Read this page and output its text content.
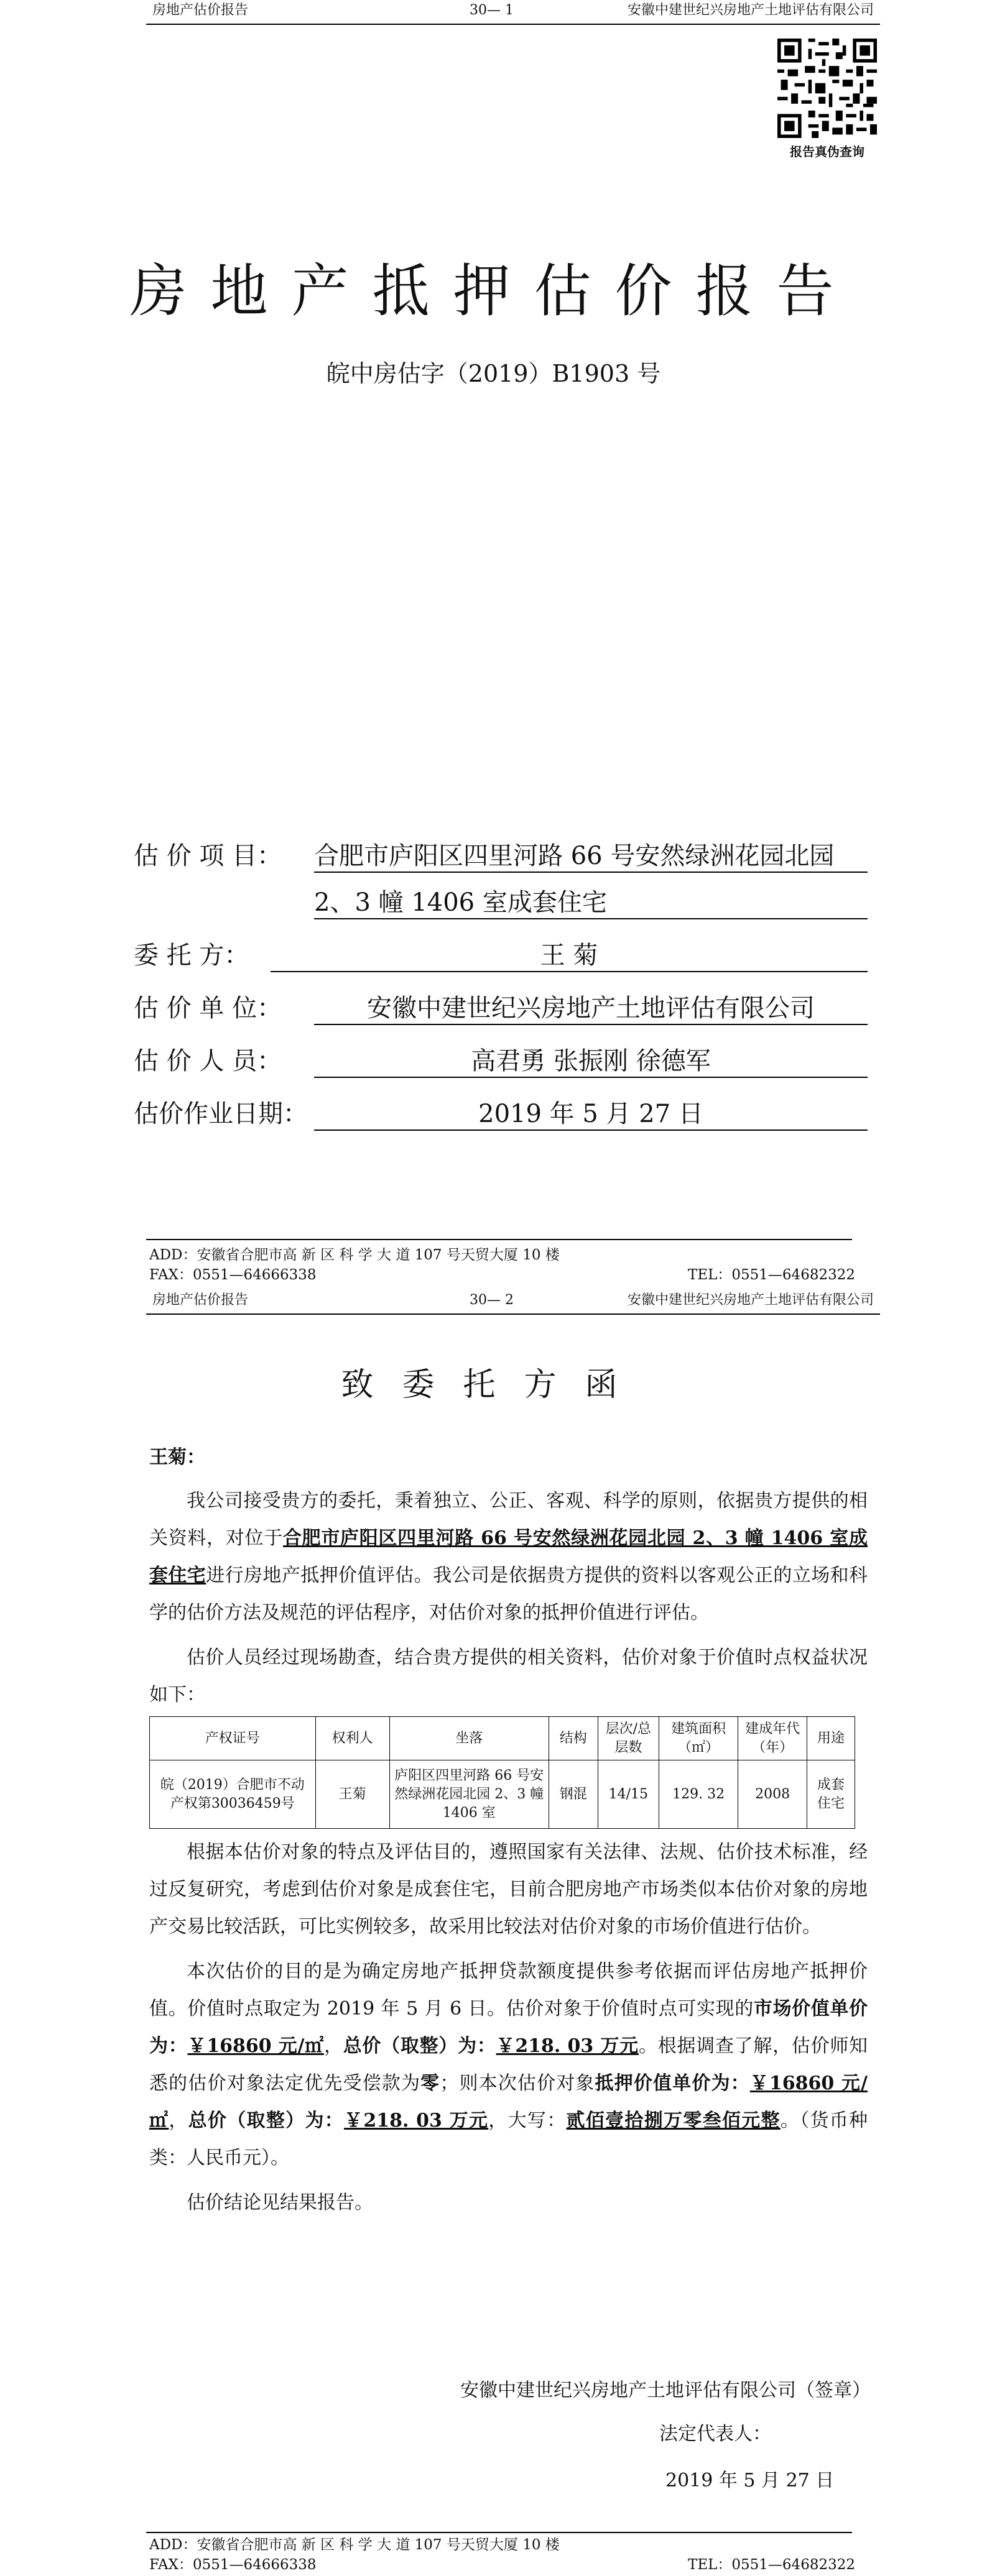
房地产估价报告	30— 1	安徽中建世纪兴房地产土地评估有限公司
报告真伪查询
房地产抵押估价报告
皖中房估字（2019）B1903 号
估 价 项 目： 合肥市庐阳区四里河路 66 号安然绿洲花园北园
2、3 幢 1406 室成套住宅
委 托 方：	王 菊
估 价 单 位：	安徽中建世纪兴房地产土地评估有限公司
估 价 人 员：	高君勇 张振刚 徐德军
估价作业日期：	2019 年 5 月 27 日
ADD：安徽省合肥市高 新 区 科 学 大 道 107 号天贸大厦 10 楼
FAX：0551—64666338	TEL：0551—64682322
房地产估价报告	30— 2	安徽中建世纪兴房地产土地评估有限公司
致委托方函
王菊：

我公司接受贵方的委托，秉着独立、公正、客观、科学的原则，依据贵方提供的相关资料，对位于合肥市庐阳区四里河路 66 号安然绿洲花园北园 2、3 幢 1406 室成套住宅进行房地产抵押价值评估。我公司是依据贵方提供的资料以客观公正的立场和科学的估价方法及规范的评估程序，对估价对象的抵押价值进行评估。

估价人员经过现场勘查，结合贵方提供的相关资料，估价对象于价值时点权益状况如下：

产权证号	权利人	坐落	结构	层次/总层数	建筑面积（㎡）	建成年代（年）	用途
皖（2019）合肥市不动产权第30036459号	王菊	庐阳区四里河路 66 号安然绿洲花园北园 2、3 幢 1406 室	钢混	14/15	129. 32	2008	成套住宅

根据本估价对象的特点及评估目的，遵照国家有关法律、法规、估价技术标准，经过反复研究，考虑到估价对象是成套住宅，目前合肥房地产市场类似本估价对象的房地产交易比较活跃，可比实例较多，故采用比较法对估价对象的市场价值进行估价。

本次估价的目的是为确定房地产抵押贷款额度提供参考依据而评估房地产抵押价值。价值时点取定为 2019 年 5 月 6 日。估价对象于价值时点可实现的市场价值单价为：￥16860 元/㎡，总价（取整）为：￥218. 03 万元。根据调查了解，估价师知悉的估价对象法定优先受偿款为零；则本次估价对象抵押价值单价为：￥16860 元/㎡，总价（取整）为：￥218. 03 万元，大写：贰佰壹拾捌万零叁佰元整。（货币种类：人民币元）。

估价结论见结果报告。

安徽中建世纪兴房地产土地评估有限公司（签章）
法定代表人：
2019 年 5 月 27 日
ADD：安徽省合肥市高 新 区 科 学 大 道 107 号天贸大厦 10 楼
FAX：0551—64666338	TEL：0551—64682322
